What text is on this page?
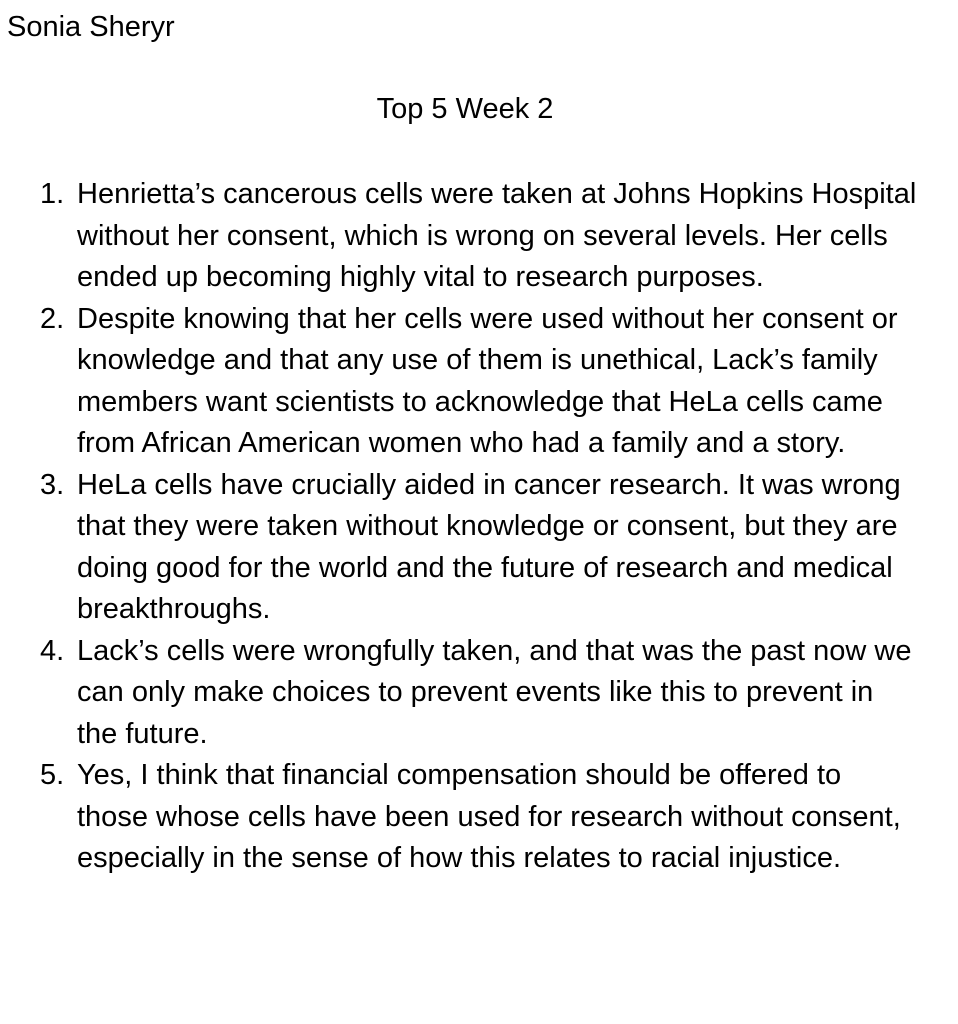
Sonia Sheryr
Top 5 Week 2
1. Henrietta’s cancerous cells were taken at Johns Hopkins Hospital without her consent, which is wrong on several levels. Her cells ended up becoming highly vital to research purposes.
2. Despite knowing that her cells were used without her consent or knowledge and that any use of them is unethical, Lack’s family members want scientists to acknowledge that HeLa cells came from African American women who had a family and a story.
3. HeLa cells have crucially aided in cancer research. It was wrong that they were taken without knowledge or consent, but they are doing good for the world and the future of research and medical breakthroughs.
4. Lack’s cells were wrongfully taken, and that was the past now we can only make choices to prevent events like this to prevent in the future.
5. Yes, I think that financial compensation should be offered to those whose cells have been used for research without consent, especially in the sense of how this relates to racial injustice.
